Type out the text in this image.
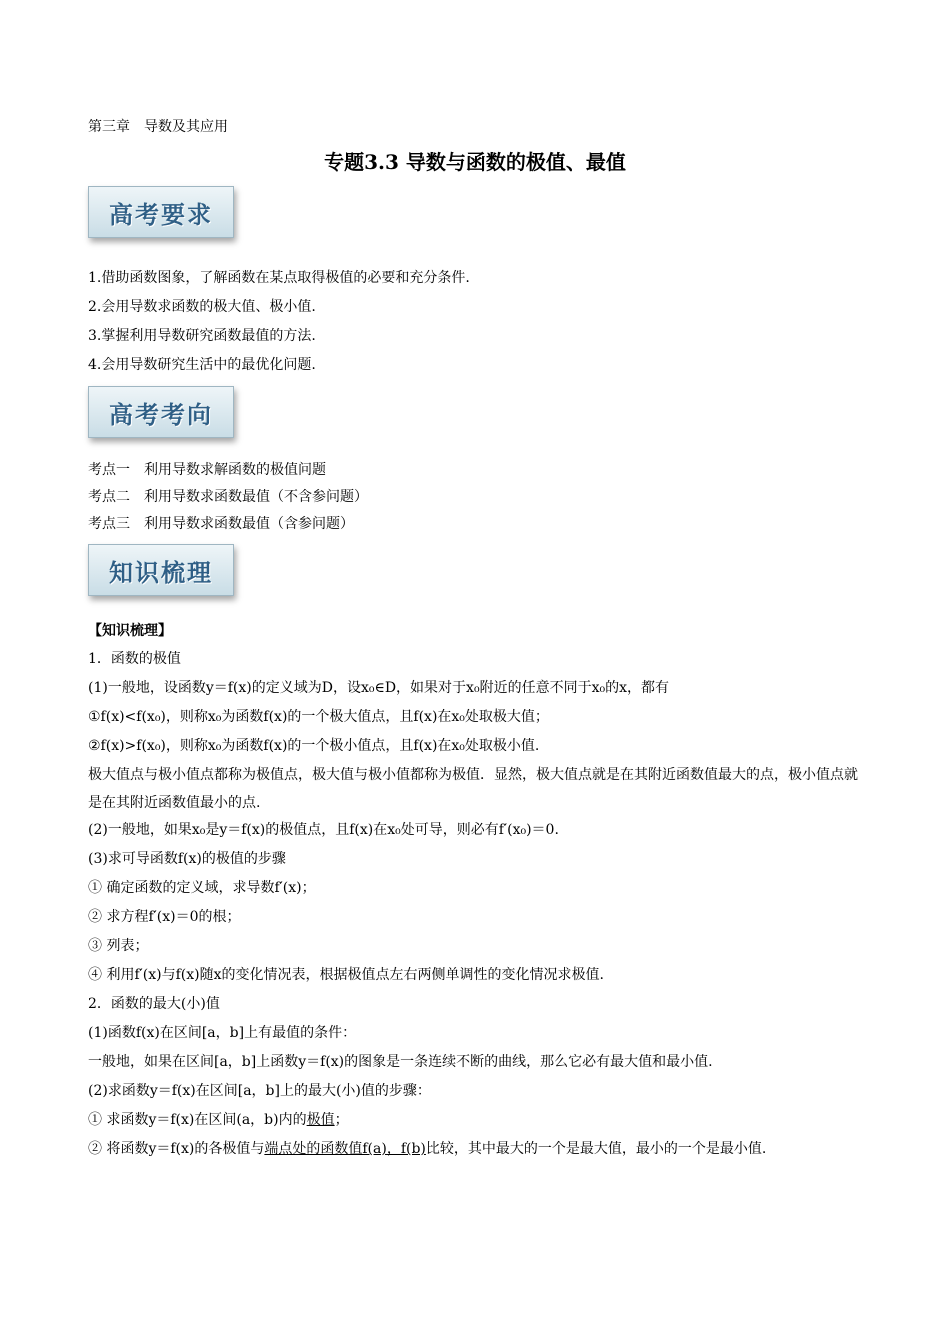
第三章　导数及其应用
专题3.3 导数与函数的极值、最值
高考要求
1.借助函数图象，了解函数在某点取得极值的必要和充分条件.
2.会用导数求函数的极大值、极小值.
3.掌握利用导数研究函数最值的方法.
4.会用导数研究生活中的最优化问题.
高考考向
考点一　利用导数求解函数的极值问题
考点二　利用导数求函数最值（不含参问题）
考点三　利用导数求函数最值（含参问题）
知识梳理
【知识梳理】
1．函数的极值
(1)一般地，设函数y＝f(x)的定义域为D，设x₀∈D，如果对于x₀附近的任意不同于x₀的x，都有
①f(x)<f(x₀)，则称x₀为函数f(x)的一个极大值点，且f(x)在x₀处取极大值；
②f(x)>f(x₀)，则称x₀为函数f(x)的一个极小值点，且f(x)在x₀处取极小值.
极大值点与极小值点都称为极值点，极大值与极小值都称为极值．显然，极大值点就是在其附近函数值最大的点，极小值点就是在其附近函数值最小的点.
(2)一般地，如果x₀是y＝f(x)的极值点，且f(x)在x₀处可导，则必有f′(x₀)＝0.
(3)求可导函数f(x)的极值的步骤
① 确定函数的定义域，求导数f′(x)；
② 求方程f′(x)＝0的根；
③ 列表；
④ 利用f′(x)与f(x)随x的变化情况表，根据极值点左右两侧单调性的变化情况求极值.
2．函数的最大(小)值
(1)函数f(x)在区间[a，b]上有最值的条件：
一般地，如果在区间[a，b]上函数y＝f(x)的图象是一条连续不断的曲线，那么它必有最大值和最小值.
(2)求函数y＝f(x)在区间[a，b]上的最大(小)值的步骤：
① 求函数y＝f(x)在区间(a，b)内的极值；
② 将函数y＝f(x)的各极值与端点处的函数值f(a)，f(b)比较，其中最大的一个是最大值，最小的一个是最小值.
